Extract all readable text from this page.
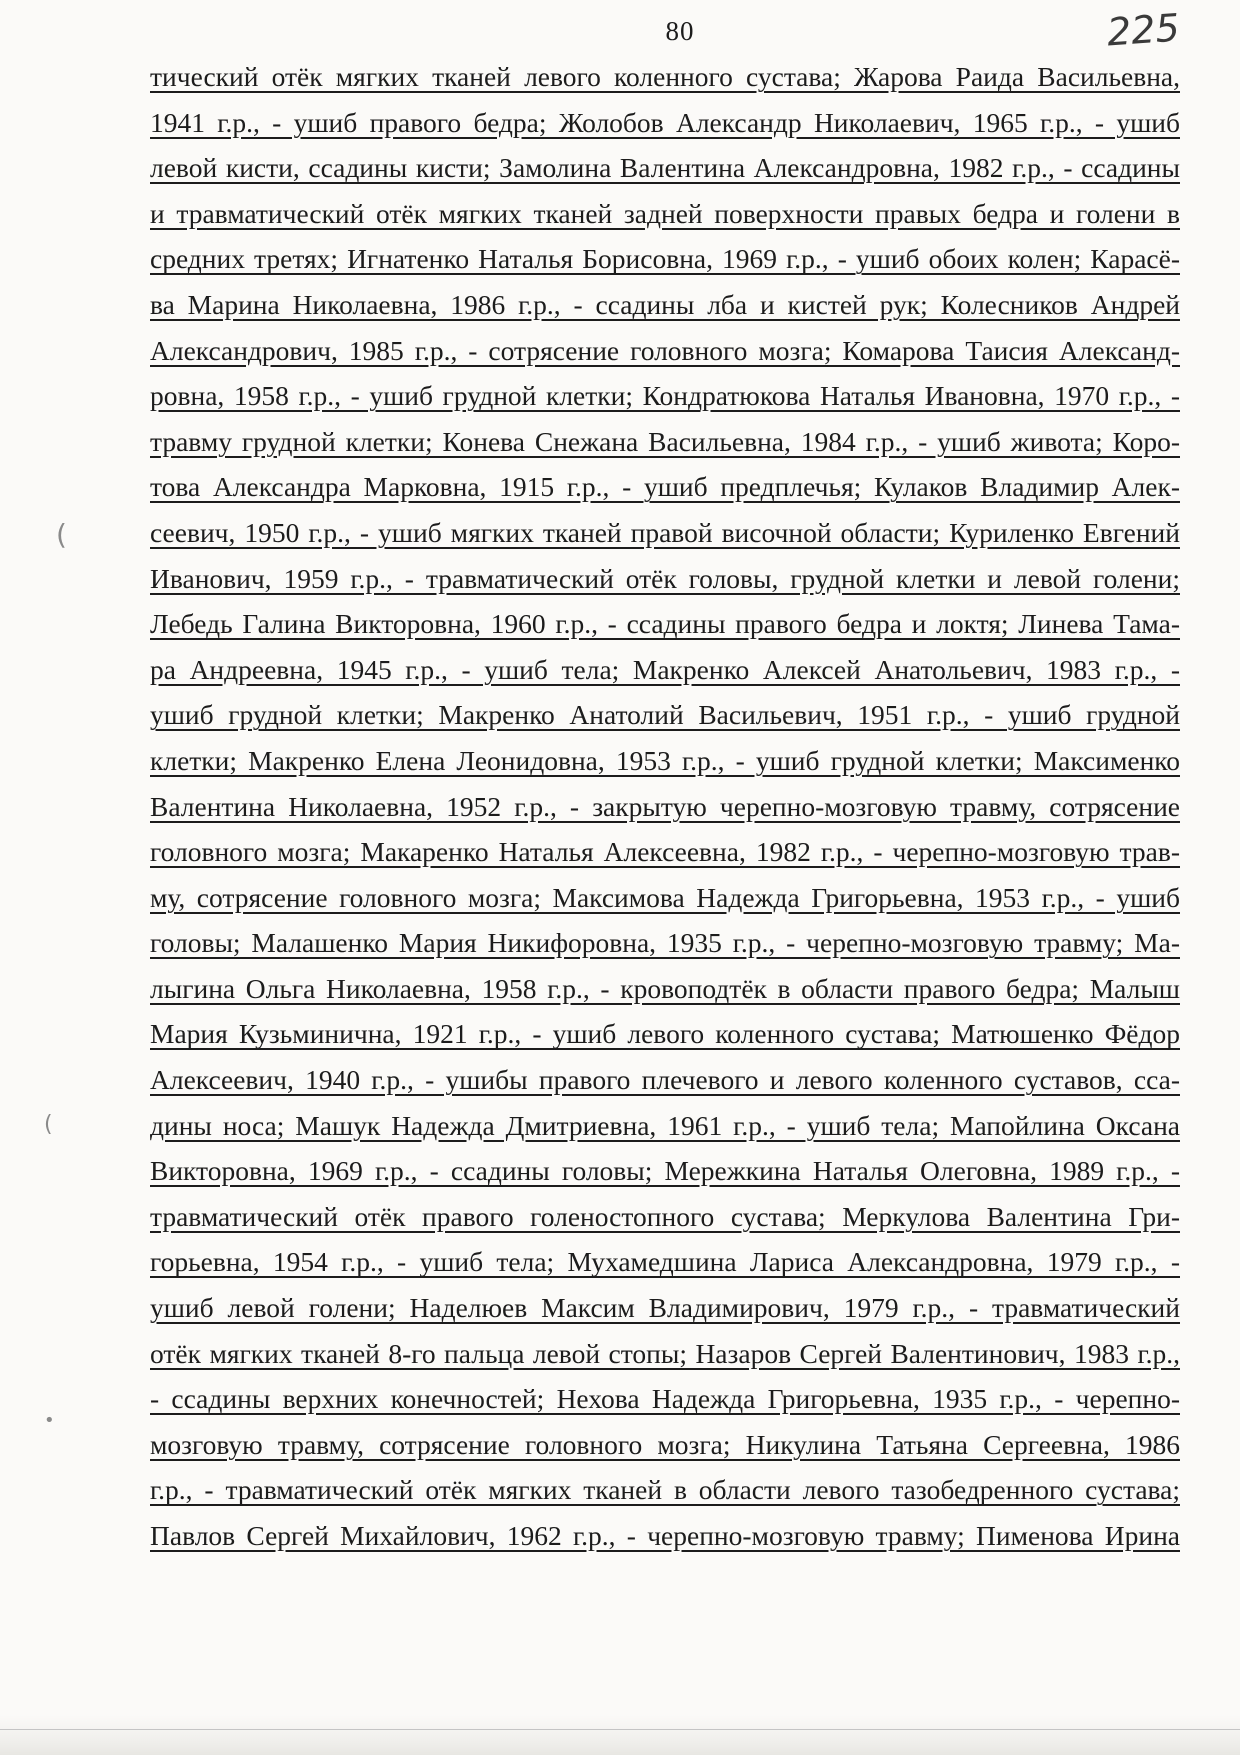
80	225
(
(
•
тический отёк мягких тканей левого коленного сустава; Жарова Раида Васильевна,
1941 г.р., - ушиб правого бедра; Жолобов Александр Николаевич, 1965 г.р., - ушиб
левой кисти, ссадины кисти; Замолина Валентина Александровна, 1982 г.р., - ссадины
и травматический отёк мягких тканей задней поверхности правых бедра и голени в
средних третях; Игнатенко Наталья Борисовна, 1969 г.р., - ушиб обоих колен; Карасё-
ва Марина Николаевна, 1986 г.р., - ссадины лба и кистей рук; Колесников Андрей
Александрович, 1985 г.р., - сотрясение головного мозга; Комарова Таисия Александ-
ровна, 1958 г.р., - ушиб грудной клетки; Кондратюкова Наталья Ивановна, 1970 г.р., -
травму грудной клетки; Конева Снежана Васильевна, 1984 г.р., - ушиб живота; Коро-
това Александра Марковна, 1915 г.р., - ушиб предплечья; Кулаков Владимир Алек-
сеевич, 1950 г.р., - ушиб мягких тканей правой височной области; Куриленко Евгений
Иванович, 1959 г.р., - травматический отёк головы, грудной клетки и левой голени;
Лебедь Галина Викторовна, 1960 г.р., - ссадины правого бедра и локтя; Линева Тама-
ра Андреевна, 1945 г.р., - ушиб тела; Макренко Алексей Анатольевич, 1983 г.р., -
ушиб грудной клетки; Макренко Анатолий Васильевич, 1951 г.р., - ушиб грудной
клетки; Макренко Елена Леонидовна, 1953 г.р., - ушиб грудной клетки; Максименко
Валентина Николаевна, 1952 г.р., - закрытую черепно-мозговую травму, сотрясение
головного мозга; Макаренко Наталья Алексеевна, 1982 г.р., - черепно-мозговую трав-
му, сотрясение головного мозга; Максимова Надежда Григорьевна, 1953 г.р., - ушиб
головы; Малашенко Мария Никифоровна, 1935 г.р., - черепно-мозговую травму; Ма-
лыгина Ольга Николаевна, 1958 г.р., - кровоподтёк в области правого бедра; Малыш
Мария Кузьминична, 1921 г.р., - ушиб левого коленного сустава; Матюшенко Фёдор
Алексеевич, 1940 г.р., - ушибы правого плечевого и левого коленного суставов, сса-
дины носа; Машук Надежда Дмитриевна, 1961 г.р., - ушиб тела; Мапойлина Оксана
Викторовна, 1969 г.р., - ссадины головы; Мережкина Наталья Олеговна, 1989 г.р., -
травматический отёк правого голеностопного сустава; Меркулова Валентина Гри-
горьевна, 1954 г.р., - ушиб тела; Мухамедшина Лариса Александровна, 1979 г.р., -
ушиб левой голени; Наделюев Максим Владимирович, 1979 г.р., - травматический
отёк мягких тканей 8-го пальца левой стопы; Назаров Сергей Валентинович, 1983 г.р.,
- ссадины верхних конечностей; Нехова Надежда Григорьевна, 1935 г.р., - черепно-
мозговую травму, сотрясение головного мозга; Никулина Татьяна Сергеевна, 1986
г.р., - травматический отёк мягких тканей в области левого тазобедренного сустава;
Павлов Сергей Михайлович, 1962 г.р., - черепно-мозговую травму; Пименова Ирина
